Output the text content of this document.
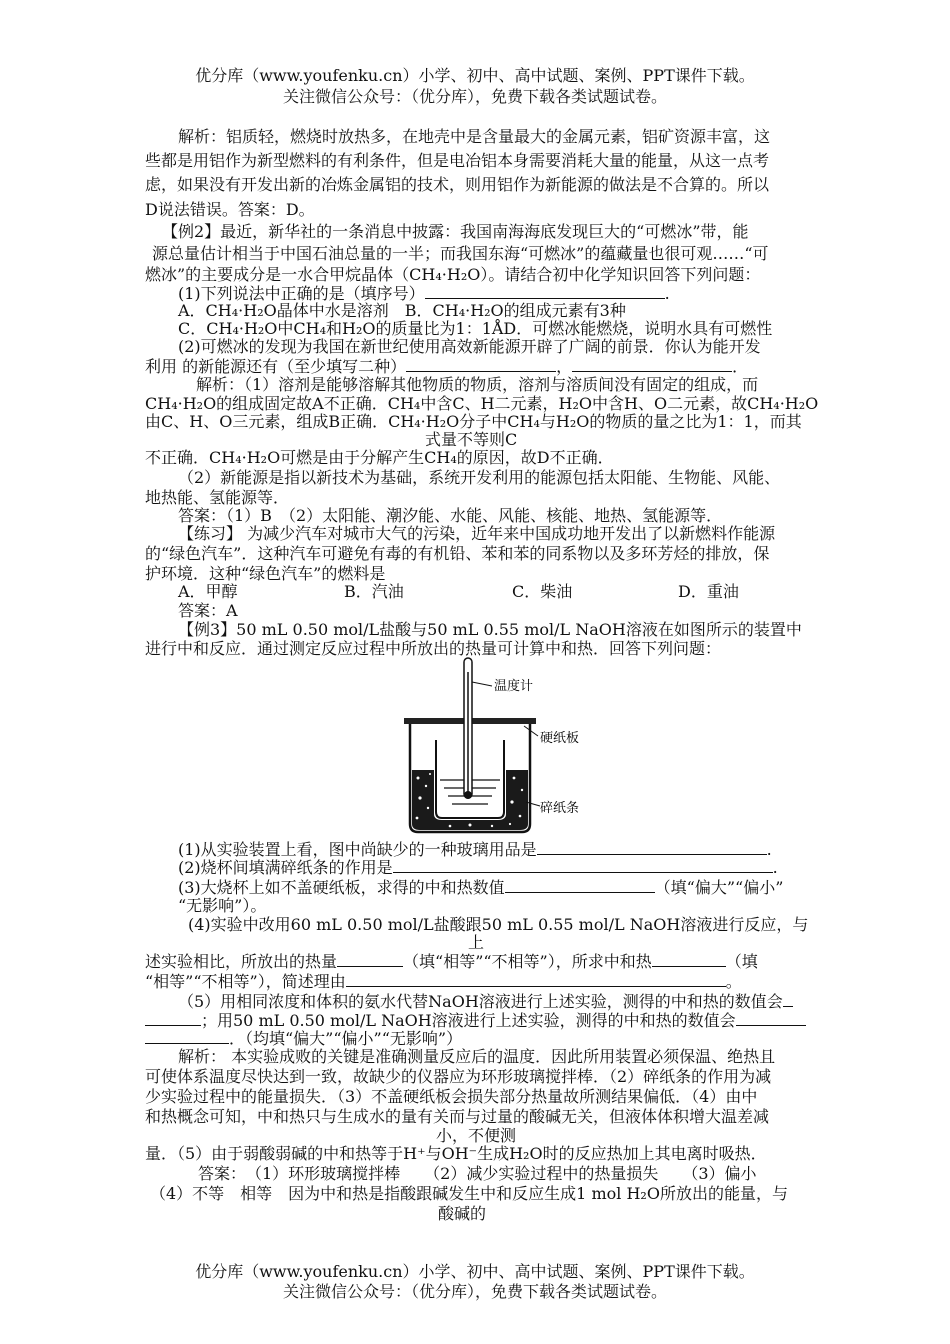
优分库（www.youfenku.cn）小学、初中、高中试题、案例、PPT课件下载。
关注微信公众号：（优分库），免费下载各类试题试卷。
解析：铝质轻，燃烧时放热多，在地壳中是含量最大的金属元素，铝矿资源丰富，这
些都是用铝作为新型燃料的有利条件，但是电冶铝本身需要消耗大量的能量，从这一点考
虑，如果没有开发出新的冶炼金属铝的技术，则用铝作为新能源的做法是不合算的。所以
D说法错误。答案：D。
【例2】最近，新华社的一条消息中披露：我国南海海底发现巨大的“可燃冰”带，能
源总量估计相当于中国石油总量的一半；而我国东海“可燃冰”的蕴藏量也很可观……“可
燃冰”的主要成分是一水合甲烷晶体（CH₄·H₂O）。请结合初中化学知识回答下列问题：
(1)下列说法中正确的是（填序号）	.
A．CH₄·H₂O晶体中水是溶剂　B．CH₄·H₂O的组成元素有3种
C．CH₄·H₂O中CH₄和H₂O的质量比为1：1ÅD．可燃冰能燃烧，说明水具有可燃性
(2)可燃冰的发现为我国在新世纪使用高效新能源开辟了广阔的前景．你认为能开发
利用 的新能源还有（至少填写二种）	，	．
解析：（1）溶剂是能够溶解其他物质的物质，溶剂与溶质间没有固定的组成，而
CH₄·H₂O的组成固定故A不正确．CH₄中含C、H二元素，H₂O中含H、O二元素，故CH₄·H₂O
由C、H、O三元素，组成B正确．CH₄·H₂O分子中CH₄与H₂O的物质的量之比为1：1，而其
式量不等则C
不正确．CH₄·H₂O可燃是由于分解产生CH₄的原因，故D不正确．
（2）新能源是指以新技术为基础，系统开发利用的能源包括太阳能、生物能、风能、
地热能、氢能源等．
答案：（1）B　（2）太阳能、潮汐能、水能、风能、核能、地热、氢能源等．
【练习】 为减少汽车对城市大气的污染，近年来中国成功地开发出了以新燃料作能源
的“绿色汽车”．这种汽车可避免有毒的有机铅、苯和苯的同系物以及多环芳烃的排放，保
护环境．这种“绿色汽车”的燃料是
A．甲醇	B．汽油	C．柴油	D．重油
答案：A
【例3】50 mL 0.50 mol/L盐酸与50 mL 0.55 mol/L NaOH溶液在如图所示的装置中
进行中和反应．通过测定反应过程中所放出的热量可计算中和热．回答下列问题：
温度计
硬纸板
碎纸条
(1)从实验装置上看，图中尚缺少的一种玻璃用品是	.
(2)烧杯间填满碎纸条的作用是	.
(3)大烧杯上如不盖硬纸板，求得的中和热数值	（填“偏大”“偏小”
“无影响”）。
(4)实验中改用60 mL 0.50 mol/L盐酸跟50 mL 0.55 mol/L NaOH溶液进行反应，与
上
述实验相比，所放出的热量	（填“相等”“不相等”），所求中和热	（填
“相等”“不相等”），简述理由	。
（5）用相同浓度和体积的氨水代替NaOH溶液进行上述实验，测得的中和热的数值会
；用50 mL 0.50 mol/L NaOH溶液进行上述实验，测得的中和热的数值会
．（均填“偏大”“偏小”“无影响”）
解析： 本实验成败的关键是准确测量反应后的温度．因此所用装置必须保温、绝热且
可使体系温度尽快达到一致，故缺少的仪器应为环形玻璃搅拌棒．（2）碎纸条的作用为减
少实验过程中的能量损失．（3）不盖硬纸板会损失部分热量故所测结果偏低．（4）由中
和热概念可知，中和热只与生成水的量有关而与过量的酸碱无关，但液体体积增大温差减
小，不便测
量．（5）由于弱酸弱碱的中和热等于H⁺与OH⁻生成H₂O时的反应热加上其电离时吸热．
答案：　（1）环形玻璃搅拌棒　　（2）减少实验过程中的热量损失　　（3）偏小
（4）不等　相等　因为中和热是指酸跟碱发生中和反应生成1 mol H₂O所放出的能量，与
酸碱的
优分库（www.youfenku.cn）小学、初中、高中试题、案例、PPT课件下载。
关注微信公众号：（优分库），免费下载各类试题试卷。
